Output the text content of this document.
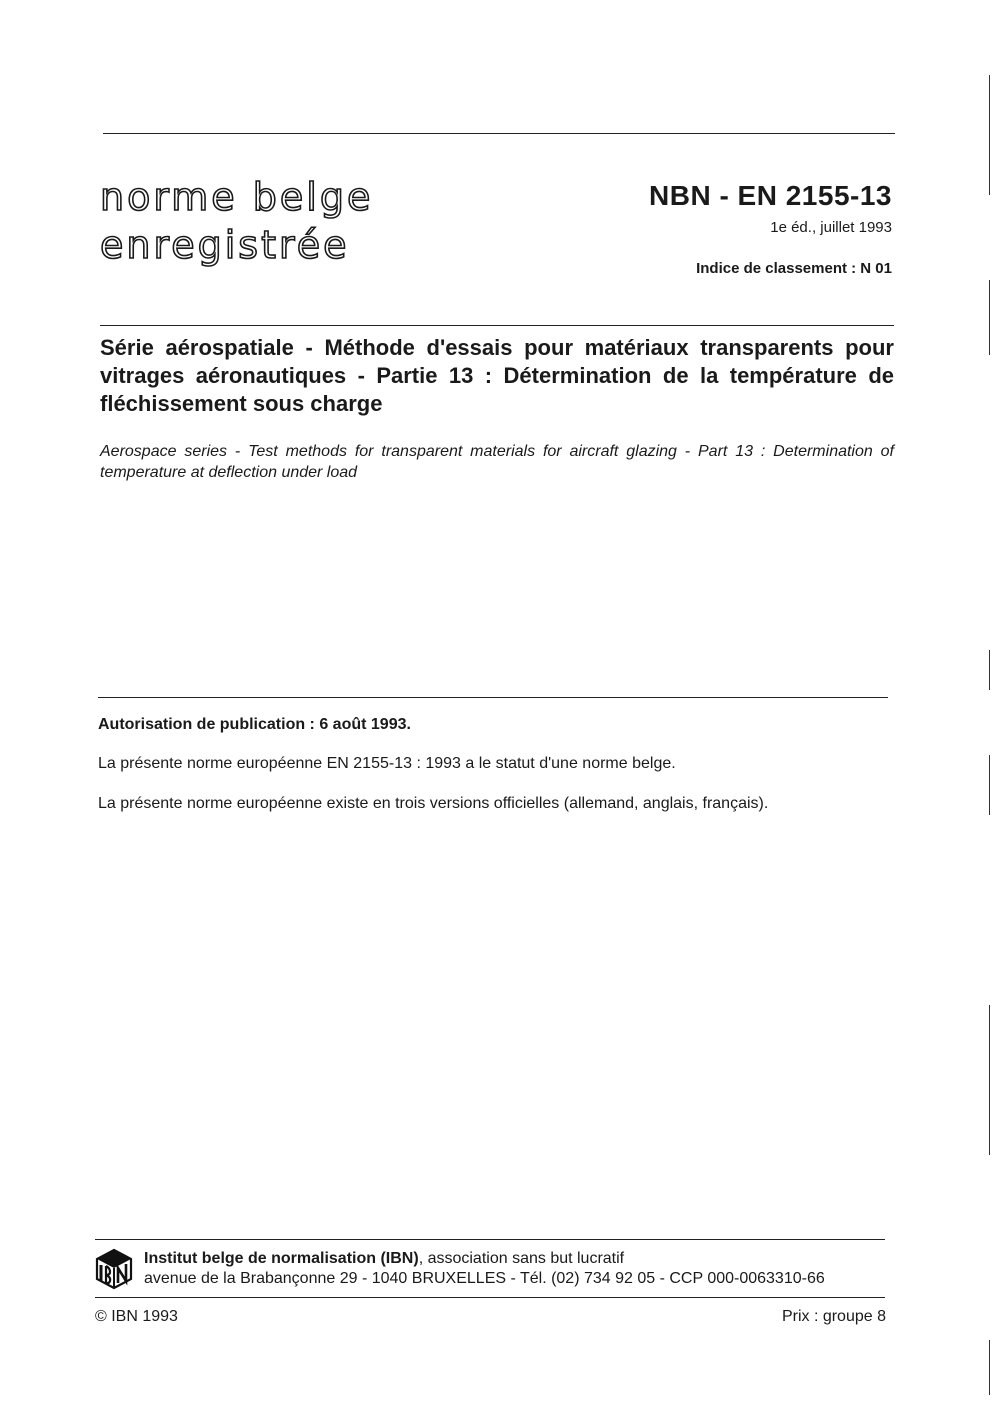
norme belge
enregistrée
NBN - EN 2155-13
1e éd., juillet 1993
Indice de classement : N 01
Série aérospatiale - Méthode d'essais pour matériaux transparents pour vitrages aéronautiques - Partie 13 : Détermination de la température de fléchissement sous charge
Aerospace series - Test methods for transparent materials for aircraft glazing - Part 13 : Determination of temperature at deflection under load
Autorisation de publication : 6 août 1993.
La présente norme européenne EN 2155-13 : 1993 a le statut d'une norme belge.
La présente norme européenne existe en trois versions officielles (allemand, anglais, français).
Institut belge de normalisation (IBN), association sans but lucratif
avenue de la Brabançonne 29 - 1040 BRUXELLES - Tél. (02) 734 92 05 - CCP 000-0063310-66
© IBN 1993	Prix : groupe 8
